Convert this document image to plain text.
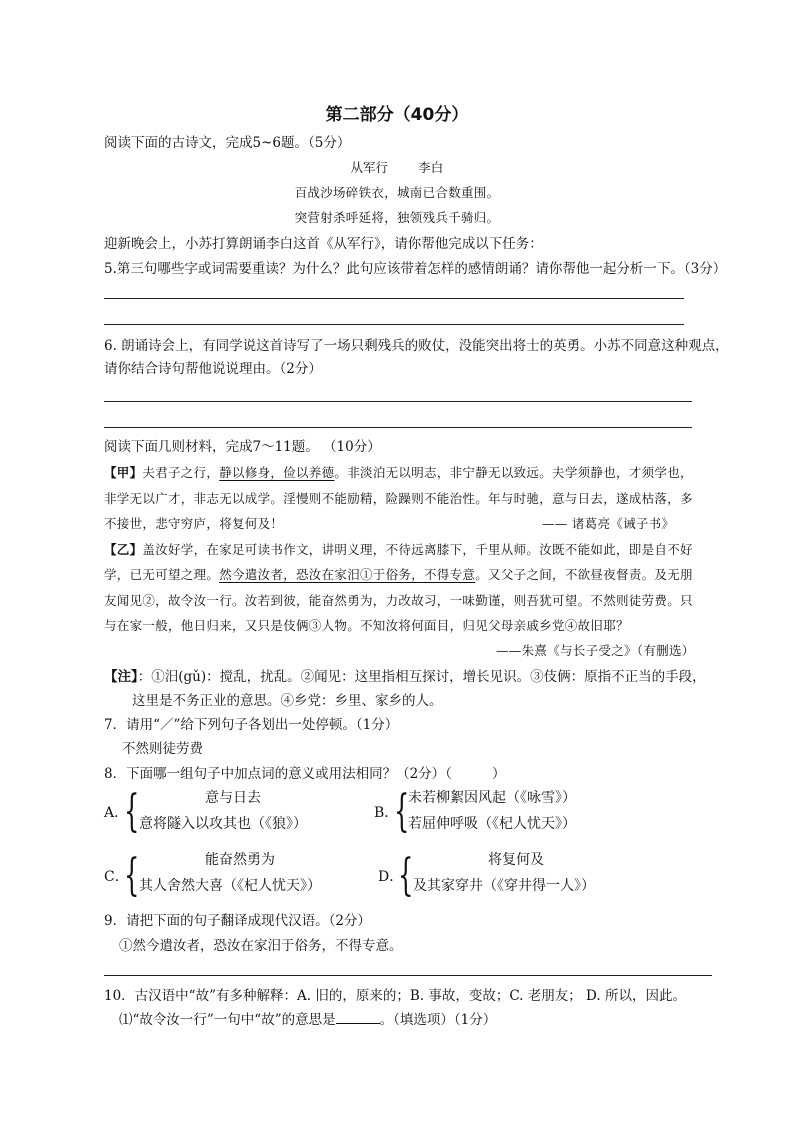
第二部分（40分）
阅读下面的古诗文，完成5~6题。（5分）
从军行 李白
百战沙场碎铁衣，城南已合数重围。
突营射杀呼延将，独领残兵千骑归。
迎新晚会上，小苏打算朗诵李白这首《从军行》，请你帮他完成以下任务：
5.第三句哪些字或词需要重读？为什么？此句应该带着怎样的感情朗诵？请你帮他一起分析一下。（3分）
6. 朗诵诗会上，有同学说这首诗写了一场只剩残兵的败仗，没能突出将士的英勇。小苏不同意这种观点，
请你结合诗句帮他说说理由。（2分）
阅读下面几则材料，完成7～11题。 （10分）
【甲】夫君子之行，静以修身，俭以养德。非淡泊无以明志，非宁静无以致远。夫学须静也，才须学也，
非学无以广才，非志无以成学。淫慢则不能励精，险躁则不能治性。年与时驰，意与日去，遂成枯落，多
不接世，悲守穷庐，将复何及！	—— 诸葛亮《诫子书》
【乙】盖汝好学，在家足可读书作文，讲明义理，不待远离膝下，千里从师。汝既不能如此，即是自不好
学，已无可望之理。然今遣汝者，恐汝在家汨①于俗务，不得专意。又父子之间，不欲昼夜督责。及无朋
友闻见②，故令汝一行。汝若到彼，能奋然勇为，力改故习，一味勤谨，则吾犹可望。不然则徒劳费。只
与在家一般，他日归来，又只是伎俩③人物。不知汝将何面目，归见父母亲戚乡党④故旧耶？
——朱熹《与长子受之》（有删选）
【注】：①汨(gǔ)：搅乱，扰乱。②闻见：这里指相互探讨，增长见识。③伎俩：原指不正当的手段，
这里是不务正业的意思。④乡党：乡里、家乡的人。
7．请用“／”给下列句子各划出一处停顿。（1分）
不然则徒劳费
8．下面哪一组句子中加点词的意义或用法相同？（2分）（	）
A．
{	意与日去
意将隧入以攻其也（《狼》）
B．
{
未若柳絮因风起（《咏雪》）
若屈伸呼吸（《杞人忧天》）
C．
{	能奋然勇为
其人舍然大喜（《杞人忧天》）
D．
{	将复何及
及其家穿井（《穿井得一人》）
9．请把下面的句子翻译成现代汉语。（2分）
①然今遣汝者，恐汝在家汨于俗务，不得专意。
10．古汉语中“故”有多种解释：A. 旧的，原来的；B. 事故，变故；C. 老朋友； D. 所以，因此。
⑴“故令汝一行”一句中“故”的意思是	。（填选项）（1分）
